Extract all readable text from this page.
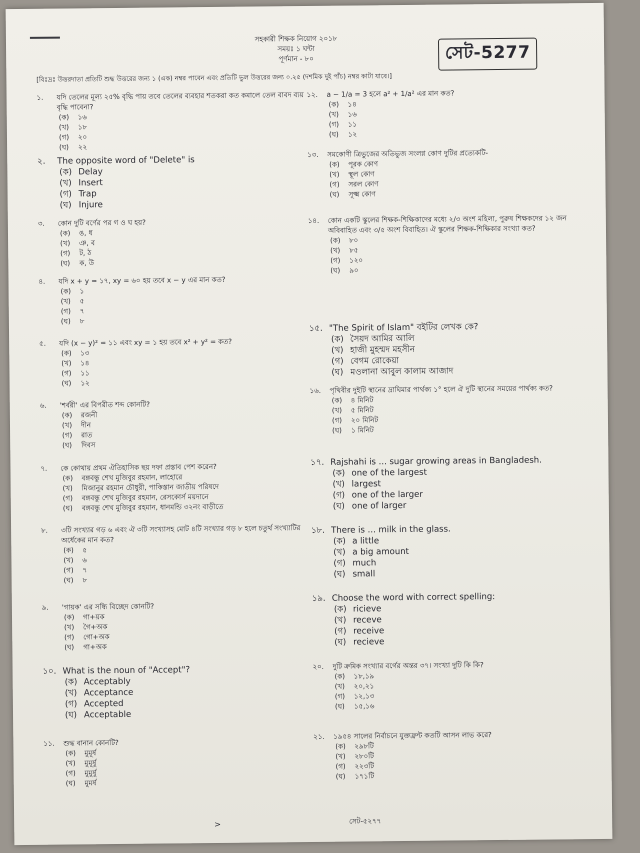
সহকারী শিক্ষক নিয়োগ ২০১৮
সময়ঃ ১ ঘন্টা
পূর্ণমান - ৮০	সেট-5277
[বিঃদ্রঃ উত্তরদাতা প্রতিটি শুদ্ধ উত্তরের জন্য ১ (এক) নম্বর পাবেন এবং প্রতিটি ভুল উত্তরের জন্য ০.২৫ (দশমিক দুই পাঁচ) নম্বর কাটা যাবে।]
১.	যদি তেলের মূল্য ২৫% বৃদ্ধি পায় তবে তেলের ব্যবহার শতকরা কত কমালে তেল বাবদ ব্যয় বৃদ্ধি পাবেনা?
(ক)	১৬
(খ)	১৮
(গ)	২০
(ঘ)	২২
২.	The opposite word of "Delete" is
(ক) Delay
(খ) Insert
(গ) Trap
(ঘ) Injure
৩.	কোন দুটি বর্ণের পর গ ও ঘ হয়?
(ক)	ঙ, ধ
(খ)	ঞ, ব
(গ)	ট, ঠ
(ঘ)	ক, উ
৪.	যদি x + y = ১৭, xy = ৬০ হয় তবে x − y এর মান কত?
(ক)	১
(খ)	৫
(গ)	৭
(ঘ)	৮
৫.	যদি (x − y)² = ১১ এবং xy = ১ হয় তবে x² + y² = কত?
(ক)	১৩
(খ)	১৪
(গ)	১১
(ঘ)	১২
৬.	'শর্বরী' এর বিপরীত শব্দ কোনটি?
(ক)	রজনী
(খ)	দীন
(গ)	রাত
(ঘ)	দিবস
৭.	কে কোথায় প্রথম ঐতিহাসিক ছয় দফা প্রস্তাব পেশ করেন?
(ক)	বঙ্গবন্ধু শেখ মুজিবুর রহমান, লাহোরে
(খ)	মিজানুর রহমান চৌধুরী, পাকিস্তান জাতীয় পরিষদে
(গ)	বঙ্গবন্ধু শেখ মুজিবুর রহমান, রেসকোর্স ময়দানে
(ঘ)	বঙ্গবন্ধু শেখ মুজিবুর রহমান, ধানমন্ডি ৩২নং বাড়ীতে
৮.	৩টি সংখ্যার গড় ৬ এবং ঐ ৩টি সংখ্যাসহ মোট ৪টি সংখ্যার গড় ৮ হলে চতুর্থ সংখ্যাটির অর্ধেকের মান কত?
(ক)	৫
(খ)	৬
(গ)	৭
(ঘ)	৮
৯.	'গায়ক' এর সন্ধি বিচ্ছেদ কোনটি?
(ক)	গা+য়ক
(খ)	গৈ+অক
(গ)	গো+অক
(ঘ)	গা+অক
১০. What is the noun of "Accept"?
(ক) Acceptably
(খ) Acceptance
(গ) Accepted
(ঘ) Acceptable
১১.	শুদ্ধ বানান কোনটি?
(ক)	মুমূর্ষ
(খ)	মুমূর্ষু
(গ)	মুমুর্ষু
(ঘ)	মুমর্ষ
১২.	a − 1/a = 3 হলে a² + 1/a² এর মান কত?
(ক)	১৪
(খ)	১৬
(গ)	১১
(ঘ)	১২
১৩.	সমকোণী ত্রিভুজের অতিভুজ সংলগ্ন কোণ দুটির প্রত্যেকটি-
(ক)	পূরক কোণ
(খ)	স্থূল কোণ
(গ)	সরল কোণ
(ঘ)	সূক্ষ্ম কোণ
১৪.	কোন একটি স্কুলের শিক্ষক-শিক্ষিকাদের মধ্যে ২/৩ অংশ মহিলা, পুরুষ শিক্ষকদের ১২ জন অবিবাহিত এবং ৩/৫ অংশ বিবাহিত। ঐ স্কুলের শিক্ষক-শিক্ষিকার সংখ্যা কত?
(ক)	৮০
(খ)	৮৫
(গ)	১২০
(ঘ)	৯০
১৫. "The Spirit of Islam" বইটির লেখক কে?
(ক) সৈয়দ আমির আলি
(খ) হাজী মুহম্মদ মহসীন
(গ) বেগম রোকেয়া
(ঘ) মওলানা আবুল কালাম আজাদ
১৬.	পৃথিবীর দুইটি স্থানের দ্রাঘিমার পার্থক্য ১° হলে ঐ দুটি স্থানের সময়ের পার্থক্য কত?
(ক)	৪ মিনিট
(খ)	৫ মিনিট
(গ)	২০ মিনিট
(ঘ)	১ মিনিট
১৭. Rajshahi is ... sugar growing areas in Bangladesh.
(ক) one of the largest
(খ) largest
(গ) one of the larger
(ঘ) one of larger
১৮. There is ... milk in the glass.
(ক) a little
(খ) a big amount
(গ) much
(ঘ) small
১৯. Choose the word with correct spelling:
(ক) ricieve
(খ) receve
(গ) receive
(ঘ) recieve
২০.	দুটি ক্রমিক সংখ্যার বর্গের অন্তর ৩৭। সংখ্যা দুটি কি কি?
(ক)	১৮,১৯
(খ)	২০,২১
(গ)	১২,১৩
(ঘ)	১৫,১৬
২১.	১৯৫৪ সালের নির্বাচনে যুক্তফ্রন্ট কতটি আসন লাভ করে?
(ক)	২৯৮টি
(খ)	২৮০টি
(গ)	২২৩টি
(ঘ)	১৭১টি
>	সেট-৫২৭৭
